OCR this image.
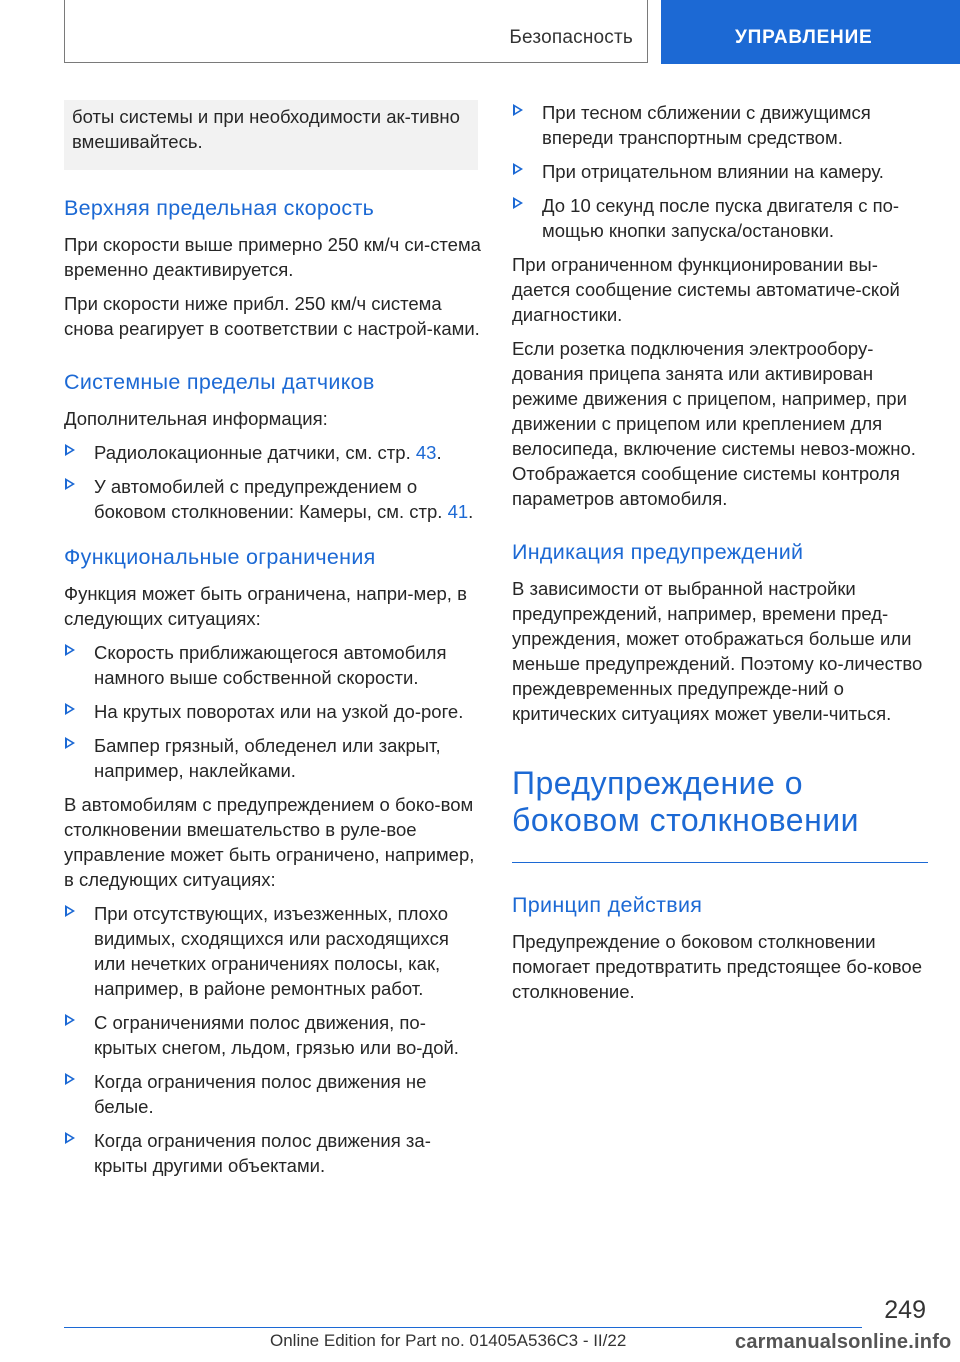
Безопасность	УПРАВЛЕНИЕ
боты системы и при необходимости ак-тивно вмешивайтесь.
Верхняя предельная скорость

При скорости выше примерно 250 км/ч си-стема временно деактивируется.

При скорости ниже прибл. 250 км/ч система снова реагирует в соответствии с настрой-ками.

Системные пределы датчиков

Дополнительная информация:

Радиолокационные датчики, см. стр. 43.
У автомобилей с предупреждением о боковом столкновении: Камеры, см. стр. 41.
Функциональные ограничения

Функция может быть ограничена, напри-мер, в следующих ситуациях:

Скорость приближающегося автомобиля намного выше собственной скорости.
На крутых поворотах или на узкой до-роге.
Бампер грязный, обледенел или закрыт, например, наклейками.

В автомобилям с предупреждением о боко-вом столкновении вмешательство в руле-вое управление может быть ограничено, например, в следующих ситуациях:

При отсутствующих, изъезженных, плохо видимых, сходящихся или расходящихся или нечетких ограничениях полосы, как, например, в районе ремонтных работ.
С ограничениями полос движения, по-крытых снегом, льдом, грязью или во-дой.
Когда ограничения полос движения не белые.
Когда ограничения полос движения за-крыты другими объектами.
При тесном сближении с движущимся впереди транспортным средством.
При отрицательном влиянии на камеру.
До 10 секунд после пуска двигателя с по-мощью кнопки запуска/остановки.

При ограниченном функционировании вы-дается сообщение системы автоматиче-ской диагностики.

Если розетка подключения электрообору-дования прицепа занята или активирован режиме движения с прицепом, например, при движении с прицепом или креплением для велосипеда, включение системы невоз-можно. Отображается сообщение системы контроля параметров автомобиля.

Индикация предупреждений

В зависимости от выбранной настройки предупреждений, например, времени пред-упреждения, может отображаться больше или меньше предупреждений. Поэтому ко-личество преждевременных предупрежде-ний о критических ситуациях может увели-читься.

Предупреждение о
боковом столкновении
Принцип действия

Предупреждение о боковом столкновении помогает предотвратить предстоящее бо-ковое столкновение.

249
Online Edition for Part no. 01405A536C3 - II/22	carmanualsonline.info
